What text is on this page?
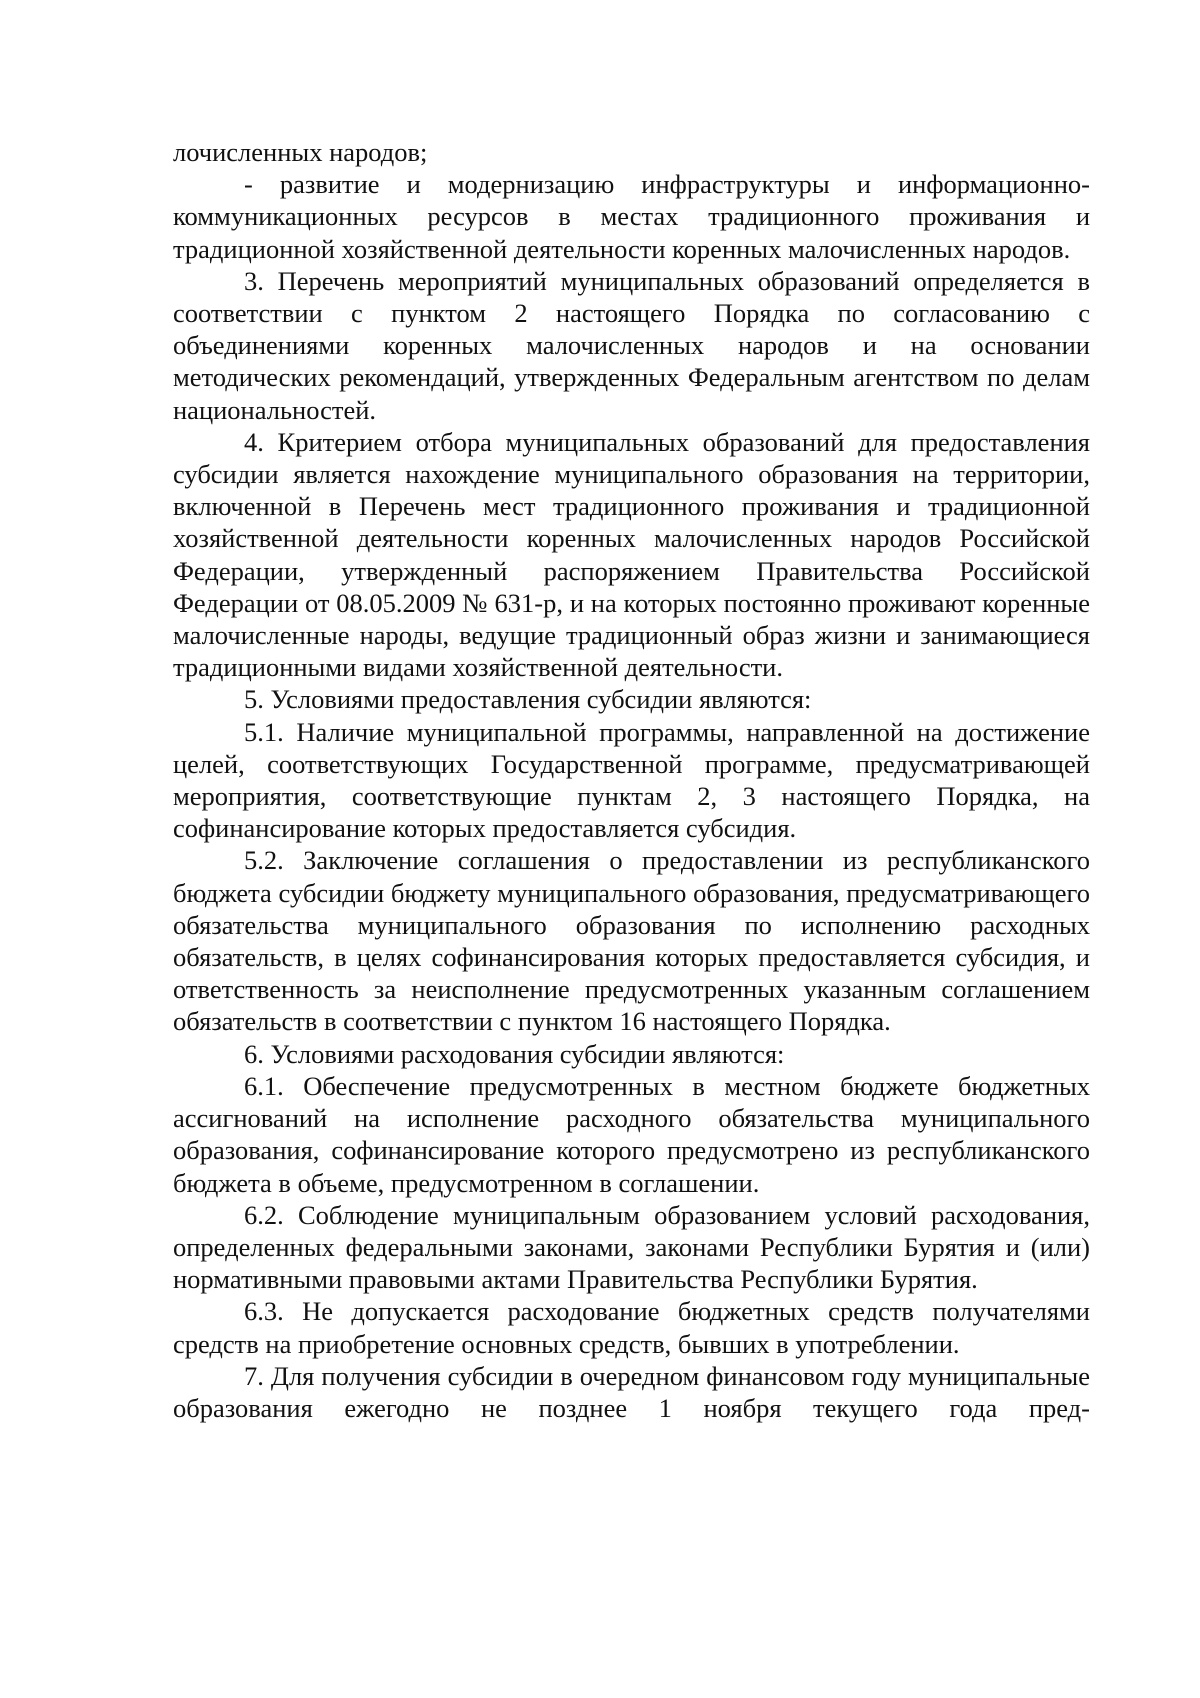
лочисленных народов;

- развитие и модернизацию инфраструктуры и информационно-коммуникационных ресурсов в местах традиционного проживания и традиционной хозяйственной деятельности коренных малочисленных народов.

3. Перечень мероприятий муниципальных образований определяется в соответствии с пунктом 2 настоящего Порядка по согласованию с объединениями коренных малочисленных народов и на основании методических рекомендаций, утвержденных Федеральным агентством по делам национальностей.

4. Критерием отбора муниципальных образований для предоставления субсидии является нахождение муниципального образования на территории, включенной в Перечень мест традиционного проживания и традиционной хозяйственной деятельности коренных малочисленных народов Российской Федерации, утвержденный распоряжением Правительства Российской Федерации от 08.05.2009 № 631-р, и на которых постоянно проживают коренные малочисленные народы, ведущие традиционный образ жизни и занимающиеся традиционными видами хозяйственной деятельности.

5. Условиями предоставления субсидии являются:

5.1. Наличие муниципальной программы, направленной на достижение целей, соответствующих Государственной программе, предусматривающей мероприятия, соответствующие пунктам 2, 3 настоящего Порядка, на софинансирование которых предоставляется субсидия.

5.2. Заключение соглашения о предоставлении из республиканского бюджета субсидии бюджету муниципального образования, предусматривающего обязательства муниципального образования по исполнению расходных обязательств, в целях софинансирования которых предоставляется субсидия, и ответственность за неисполнение предусмотренных указанным соглашением обязательств в соответствии с пунктом 16 настоящего Порядка.

6. Условиями расходования субсидии являются:

6.1. Обеспечение предусмотренных в местном бюджете бюджетных ассигнований на исполнение расходного обязательства муниципального образования, софинансирование которого предусмотрено из республиканского бюджета в объеме, предусмотренном в соглашении.

6.2. Соблюдение муниципальным образованием условий расходования, определенных федеральными законами, законами Республики Бурятия и (или) нормативными правовыми актами Правительства Республики Бурятия.

6.3. Не допускается расходование бюджетных средств получателями средств на приобретение основных средств, бывших в употреблении.

7. Для получения субсидии в очередном финансовом году муниципальные образования ежегодно не позднее 1 ноября текущего года пред-
